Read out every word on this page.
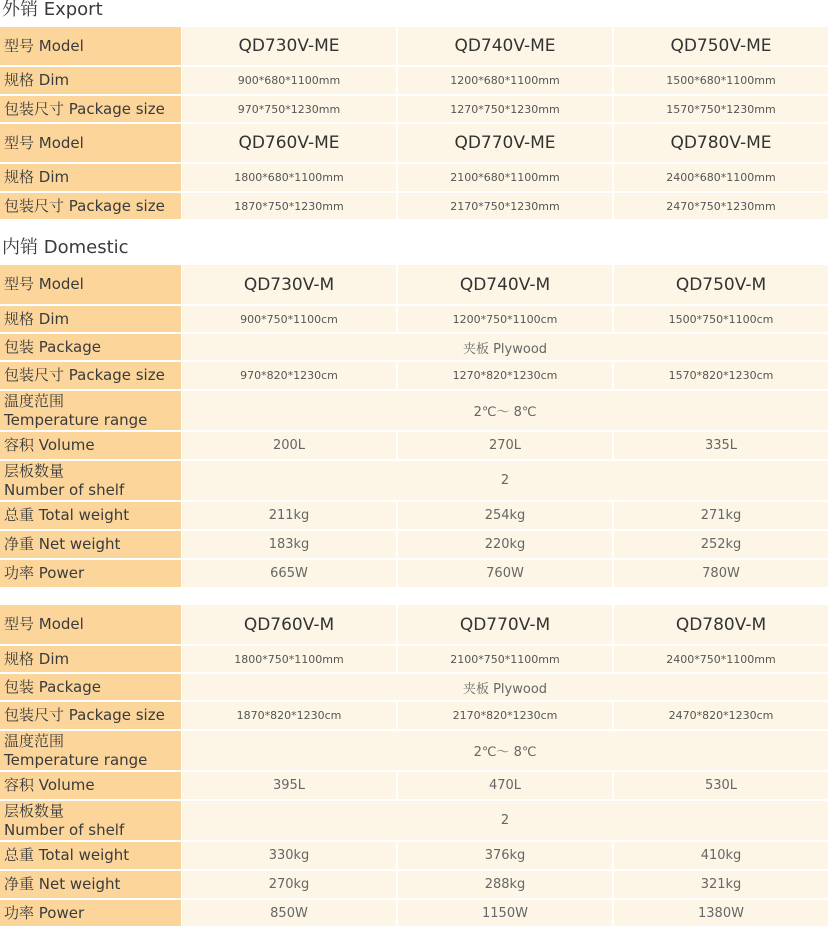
外销 Export
型号 Model	QD730V-ME	QD740V-ME	QD750V-ME
规格 Dim	900*680*1100mm	1200*680*1100mm	1500*680*1100mm
包装尺寸 Package size	970*750*1230mm	1270*750*1230mm	1570*750*1230mm
型号 Model	QD760V-ME	QD770V-ME	QD780V-ME
规格 Dim	1800*680*1100mm	2100*680*1100mm	2400*680*1100mm
包装尺寸 Package size	1870*750*1230mm	2170*750*1230mm	2470*750*1230mm
内销 Domestic
型号 Model	QD730V-M	QD740V-M	QD750V-M
规格 Dim	900*750*1100cm	1200*750*1100cm	1500*750*1100cm
包装 Package	夹板 Plywood
包装尺寸 Package size	970*820*1230cm	1270*820*1230cm	1570*820*1230cm
温度范围
Temperature range	2℃～ 8℃
容积 Volume	200L	270L	335L
层板数量
Number of shelf	2
总重 Total weight	211kg	254kg	271kg
净重 Net weight	183kg	220kg	252kg
功率 Power	665W	760W	780W
型号 Model	QD760V-M	QD770V-M	QD780V-M
规格 Dim	1800*750*1100mm	2100*750*1100mm	2400*750*1100mm
包装 Package	夹板 Plywood
包装尺寸 Package size	1870*820*1230cm	2170*820*1230cm	2470*820*1230cm
温度范围
Temperature range	2℃～ 8℃
容积 Volume	395L	470L	530L
层板数量
Number of shelf	2
总重 Total weight	330kg	376kg	410kg
净重 Net weight	270kg	288kg	321kg
功率 Power	850W	1150W	1380W
